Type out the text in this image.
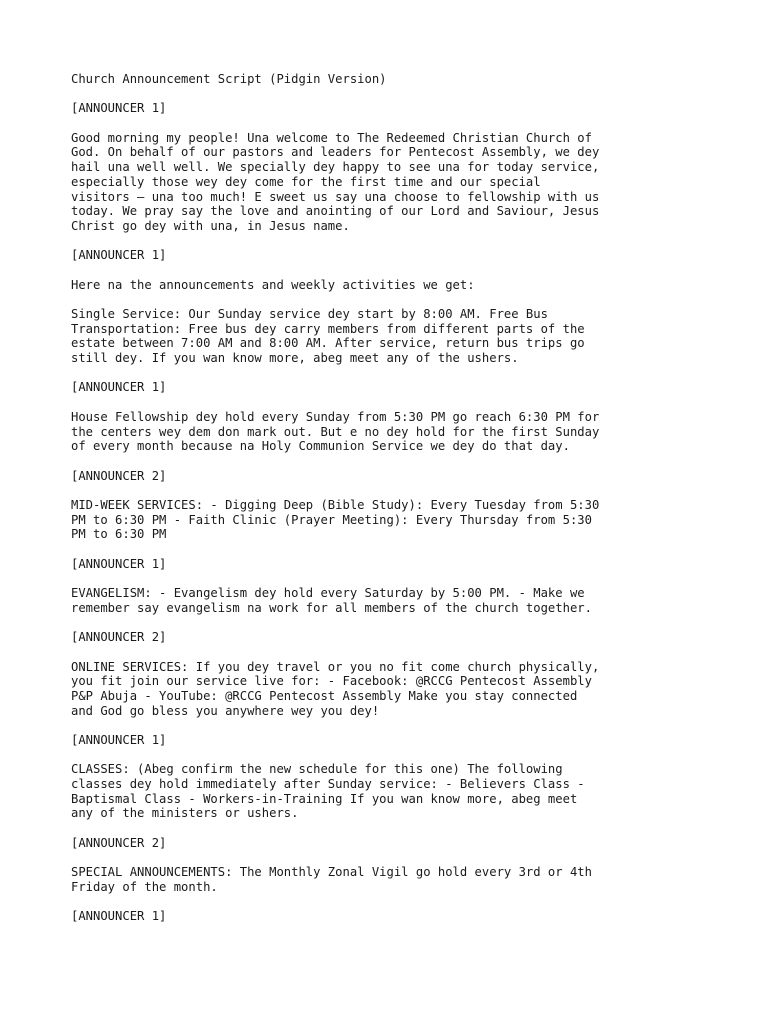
Church Announcement Script (Pidgin Version)
[ANNOUNCER 1]
Good morning my people! Una welcome to The Redeemed Christian Church of
God. On behalf of our pastors and leaders for Pentecost Assembly, we dey
hail una well well. We specially dey happy to see una for today service,
especially those wey dey come for the first time and our special
visitors – una too much! E sweet us say una choose to fellowship with us
today. We pray say the love and anointing of our Lord and Saviour, Jesus
Christ go dey with una, in Jesus name.
[ANNOUNCER 1]
Here na the announcements and weekly activities we get:
Single Service: Our Sunday service dey start by 8:00 AM. Free Bus
Transportation: Free bus dey carry members from different parts of the
estate between 7:00 AM and 8:00 AM. After service, return bus trips go
still dey. If you wan know more, abeg meet any of the ushers.
[ANNOUNCER 1]
House Fellowship dey hold every Sunday from 5:30 PM go reach 6:30 PM for
the centers wey dem don mark out. But e no dey hold for the first Sunday
of every month because na Holy Communion Service we dey do that day.
[ANNOUNCER 2]
MID-WEEK SERVICES: - Digging Deep (Bible Study): Every Tuesday from 5:30
PM to 6:30 PM - Faith Clinic (Prayer Meeting): Every Thursday from 5:30
PM to 6:30 PM
[ANNOUNCER 1]
EVANGELISM: - Evangelism dey hold every Saturday by 5:00 PM. - Make we
remember say evangelism na work for all members of the church together.
[ANNOUNCER 2]
ONLINE SERVICES: If you dey travel or you no fit come church physically,
you fit join our service live for: - Facebook: @RCCG Pentecost Assembly
P&P Abuja - YouTube: @RCCG Pentecost Assembly Make you stay connected
and God go bless you anywhere wey you dey!
[ANNOUNCER 1]
CLASSES: (Abeg confirm the new schedule for this one) The following
classes dey hold immediately after Sunday service: - Believers Class -
Baptismal Class - Workers-in-Training If you wan know more, abeg meet
any of the ministers or ushers.
[ANNOUNCER 2]
SPECIAL ANNOUNCEMENTS: The Monthly Zonal Vigil go hold every 3rd or 4th
Friday of the month.
[ANNOUNCER 1]
